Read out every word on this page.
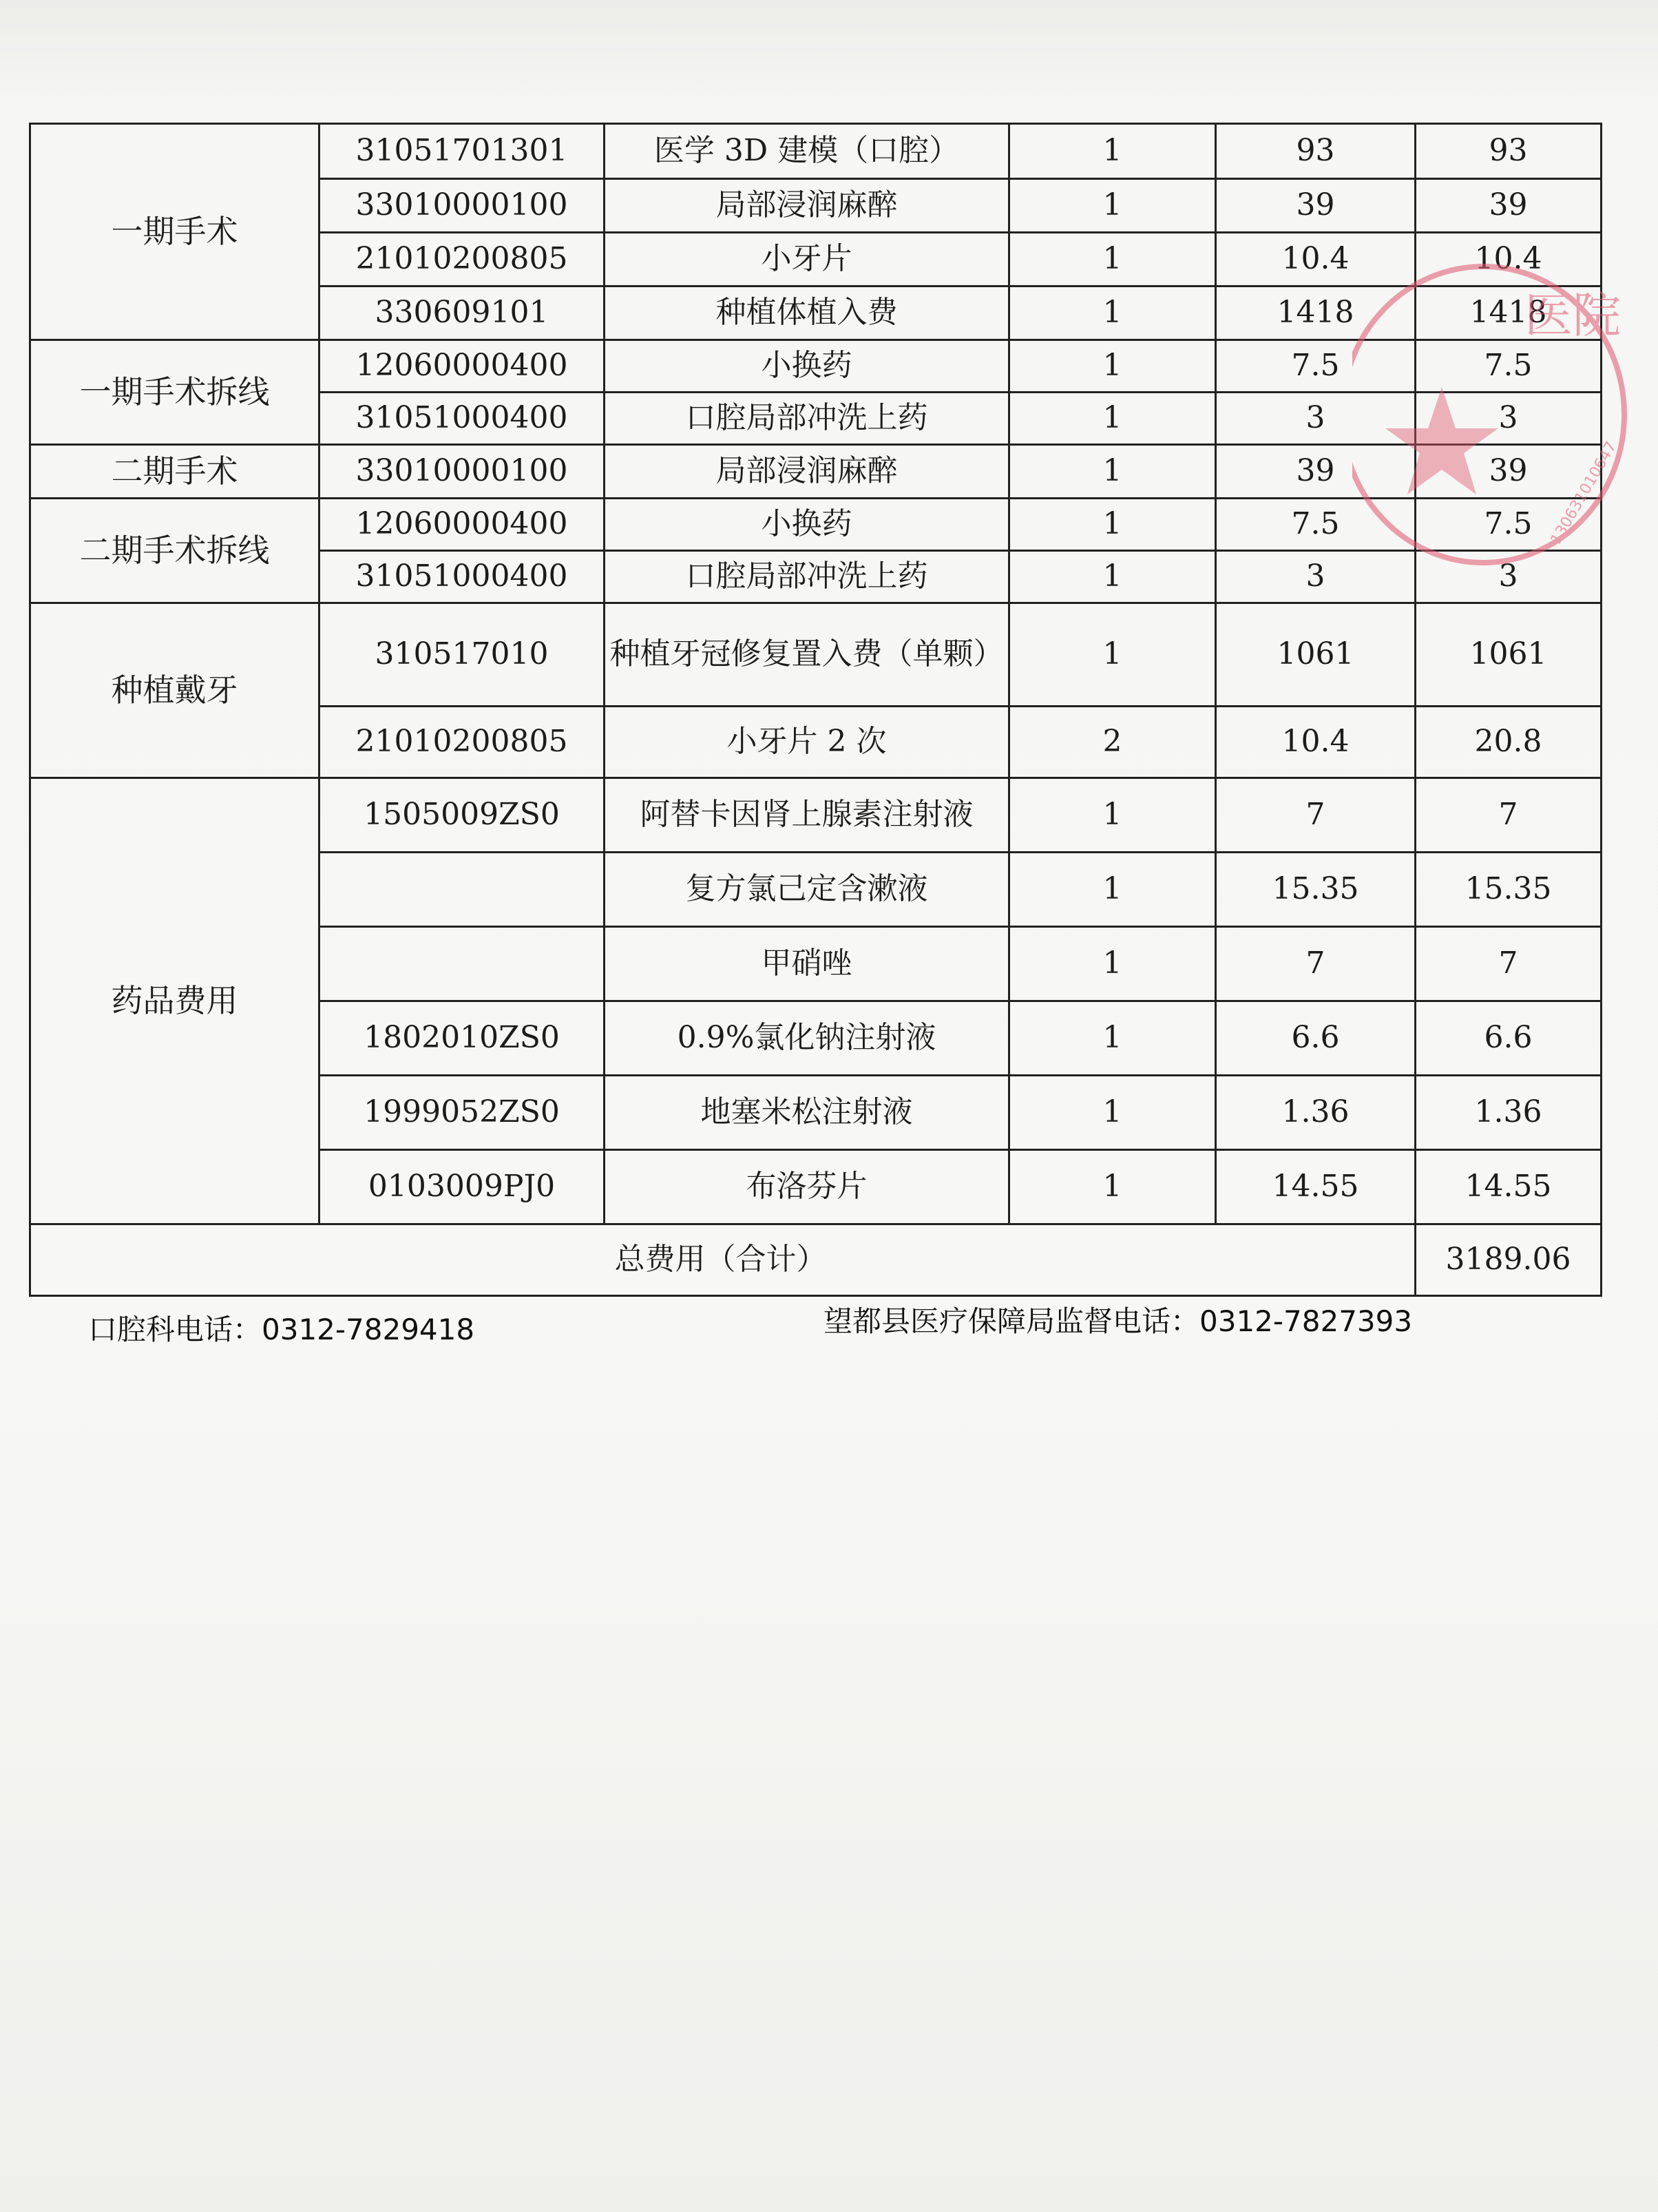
一期手术	31051701301	医学 3D 建模（口腔）	1	93	93
	33010000100	局部浸润麻醉	1	39	39
	21010200805	小牙片	1	10.4	10.4
	330609101	种植体植入费	1	1418	1418
一期手术拆线	12060000400	小换药	1	7.5	7.5
	31051000400	口腔局部冲洗上药	1	3	3
二期手术	33010000100	局部浸润麻醉	1	39	39
二期手术拆线	12060000400	小换药	1	7.5	7.5
	31051000400	口腔局部冲洗上药	1	3	3
种植戴牙	310517010	种植牙冠修复置入费（单颗）	1	1061	1061
	21010200805	小牙片 2 次	2	10.4	20.8
药品费用	1505009ZS0	阿替卡因肾上腺素注射液	1	7	7
		复方氯己定含漱液	1	15.35	15.35
		甲硝唑	1	7	7
	1802010ZS0	0.9%氯化钠注射液	1	6.6	6.6
	1999052ZS0	地塞米松注射液	1	1.36	1.36
	0103009PJ0	布洛芬片	1	14.55	14.55
总费用（合计）					3189.06
口腔科电话：0312-7829418	望都县医疗保障局监督电话：0312-7827393
医院
130631010647
